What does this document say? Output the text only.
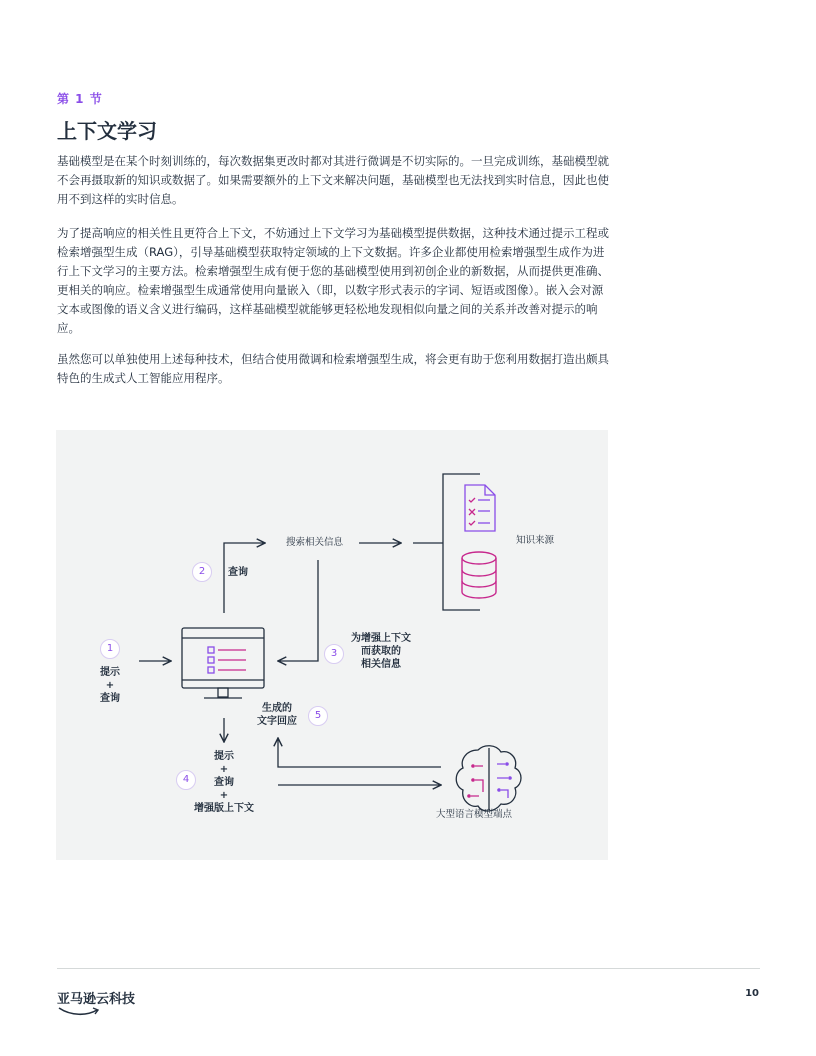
第 1 节
上下文学习

基础模型是在某个时刻训练的，每次数据集更改时都对其进行微调是不切实际的。一旦完成训练，基础模型就不会再摄取新的知识或数据了。如果需要额外的上下文来解决问题，基础模型也无法找到实时信息，因此也使用不到这样的实时信息。

为了提高响应的相关性且更符合上下文，不妨通过上下文学习为基础模型提供数据，这种技术通过提示工程或检索增强型生成（RAG），引导基础模型获取特定领域的上下文数据。许多企业都使用检索增强型生成作为进行上下文学习的主要方法。检索增强型生成有便于您的基础模型使用到初创企业的新数据，从而提供更准确、更相关的响应。检索增强型生成通常使用向量嵌入（即，以数字形式表示的字词、短语或图像）。嵌入会对源文本或图像的语义含义进行编码，这样基础模型就能够更轻松地发现相似向量之间的关系并改善对提示的响应。

虽然您可以单独使用上述每种技术，但结合使用微调和检索增强型生成，将会更有助于您利用数据打造出颇具特色的生成式人工智能应用程序。

搜索相关信息	知识来源
1
提示
+
查询
2	查询
3
为增强上下文
而获取的
相关信息
4
提示
+
查询
+
增强版上下文
5
生成的
文字回应
大型语言模型端点
亚马逊云科技	10
